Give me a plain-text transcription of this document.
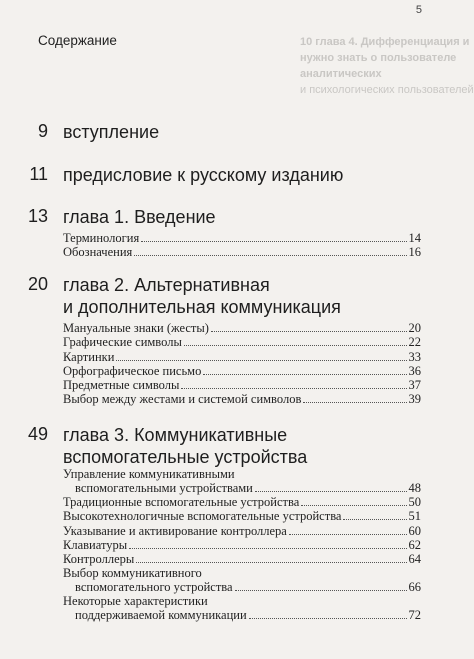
5
Содержание	10 глава 4. Дифференциация и
нужно знать о пользователе
аналитических
и психологических пользователей
9 вступление
11 предисловие к русскому изданию
13 глава 1. Введение
Терминология	14
Обозначения	16
20 глава 2. Альтернативная
и дополнительная коммуникация
Мануальные знаки (жесты)	20
Графические символы	22
Картинки	33
Орфографическое письмо	36
Предметные символы	37
Выбор между жестами и системой символов	39
49 глава 3. Коммуникативные
вспомогательные устройства
Управление коммуникативными
вспомогательными устройствами	48
Традиционные вспомогательные устройства	50
Высокотехнологичные вспомогательные устройства	51
Указывание и активирование контроллера	60
Клавиатуры	62
Контроллеры	64
Выбор коммуникативного
вспомогательного устройства	66
Некоторые характеристики
поддерживаемой коммуникации	72
